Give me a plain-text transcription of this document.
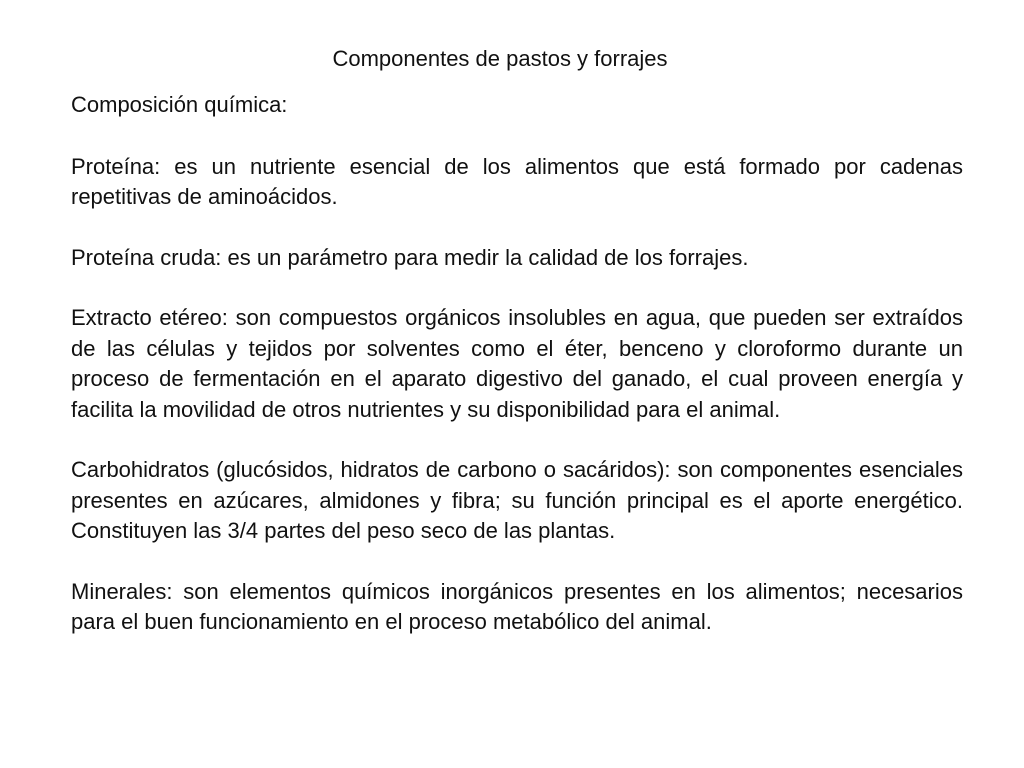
Componentes de pastos y forrajes

Composición química:

Proteína: es un nutriente esencial de los alimentos que está formado por cadenas repetitivas de aminoácidos.

Proteína cruda: es un parámetro para medir la calidad de los forrajes.

Extracto etéreo: son compuestos orgánicos insolubles en agua, que pueden ser extraídos de las células y tejidos por solventes como el éter, benceno y cloroformo durante un proceso de fermentación en el aparato digestivo del ganado, el cual proveen energía y facilita la movilidad de otros nutrientes y su disponibilidad para el animal.

Carbohidratos (glucósidos, hidratos de carbono o sacáridos): son componentes esenciales presentes en azúcares, almidones y fibra; su función principal es el aporte energético. Constituyen las 3/4 partes del peso seco de las plantas.

Minerales: son elementos químicos inorgánicos presentes en los alimentos; necesarios para el buen funcionamiento en el proceso metabólico del animal.
